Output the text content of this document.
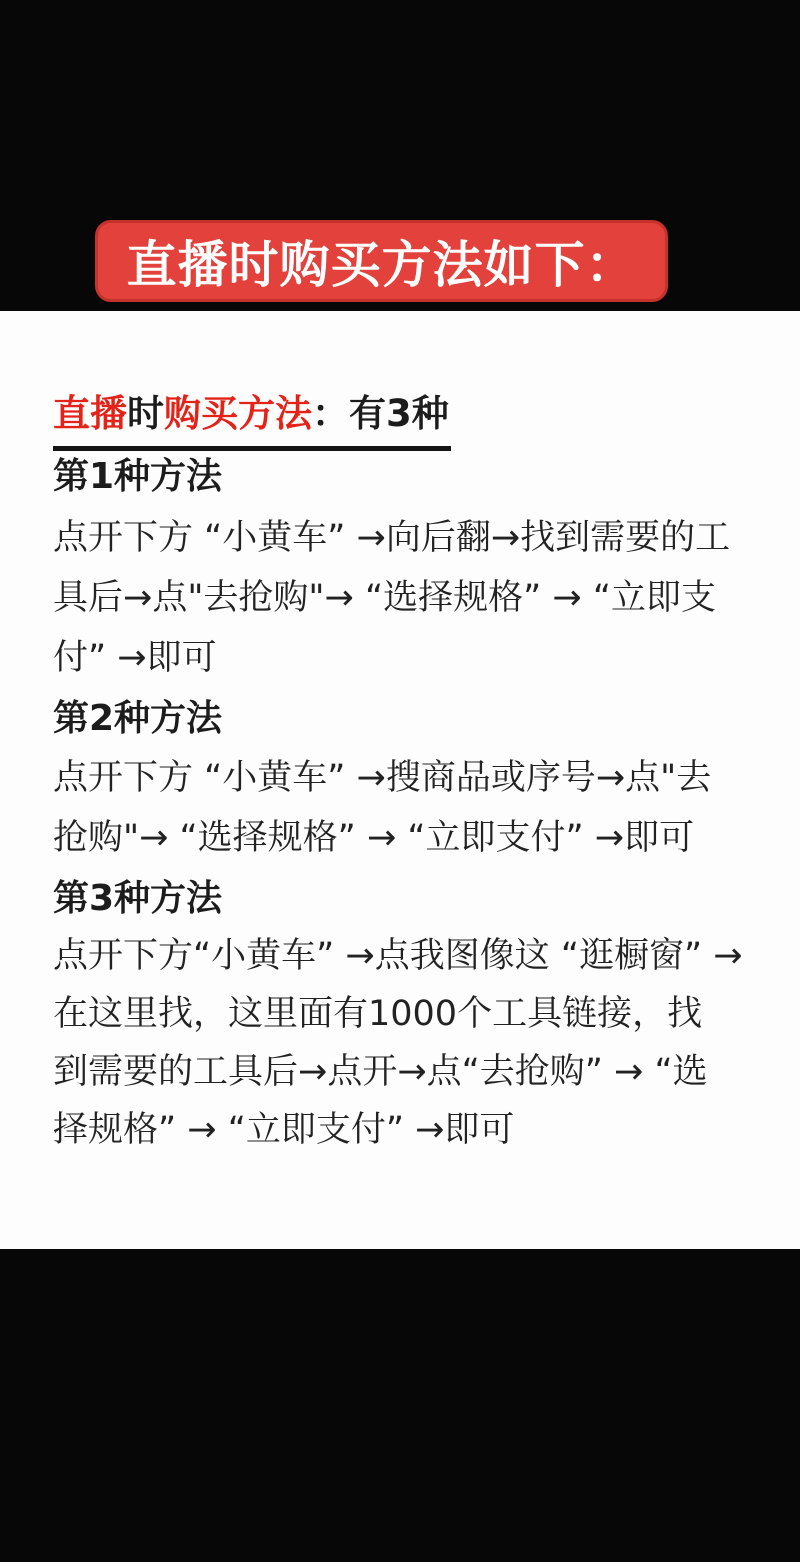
直播时购买方法如下：
直播时购买方法：有3种
第1种方法
点开下方 “小黄车” →向后翻→找到需要的工
具后→点"去抢购"→ “选择规格” → “立即支
付” →即可
第2种方法
点开下方 “小黄车” →搜商品或序号→点"去
抢购"→ “选择规格” → “立即支付” →即可
第3种方法
点开下方“小黄车” →点我图像这 “逛橱窗” →
在这里找，这里面有1000个工具链接，找
到需要的工具后→点开→点“去抢购” → “选
择规格” → “立即支付” →即可
